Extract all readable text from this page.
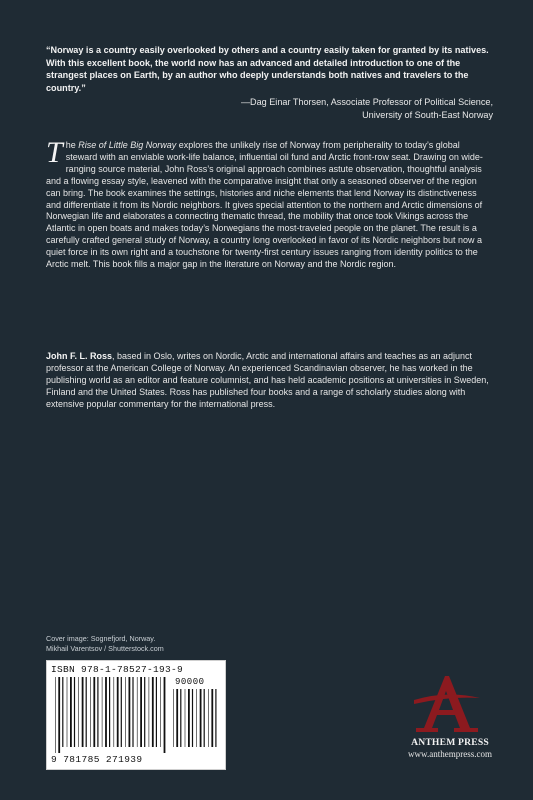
“Norway is a country easily overlooked by others and a country easily taken for granted by its natives. With this excellent book, the world now has an advanced and detailed introduction to one of the strangest places on Earth, by an author who deeply understands both natives and travelers to the country.”
—Dag Einar Thorsen, Associate Professor of Political Science,
University of South-East Norway
The Rise of Little Big Norway explores the unlikely rise of Norway from peripherality to today’s global steward with an enviable work-life balance, influential oil fund and Arctic front-row seat. Drawing on wide-ranging source material, John Ross’s original approach combines astute observation, thoughtful analysis and a flowing essay style, leavened with the comparative insight that only a seasoned observer of the region can bring. The book examines the settings, histories and niche elements that lend Norway its distinctiveness and differentiate it from its Nordic neighbors. It gives special attention to the northern and Arctic dimensions of Norwegian life and elaborates a connecting thematic thread, the mobility that once took Vikings across the Atlantic in open boats and makes today’s Norwegians the most-traveled people on the planet. The result is a carefully crafted general study of Norway, a country long overlooked in favor of its Nordic neighbors but now a quiet force in its own right and a touchstone for twenty-first century issues ranging from identity politics to the Arctic melt. This book fills a major gap in the literature on Norway and the Nordic region.
John F. L. Ross, based in Oslo, writes on Nordic, Arctic and international affairs and teaches as an adjunct professor at the American College of Norway. An experienced Scandinavian observer, he has worked in the publishing world as an editor and feature columnist, and has held academic positions at universities in Sweden, Finland and the United States. Ross has published four books and a range of scholarly studies along with extensive popular commentary for the international press.
Cover image: Sognefjord, Norway.
Mikhail Varentsov / Shutterstock.com
ISBN 978-1-78527-193-9
90000
9 781785 271939
ANTHEM PRESS
www.anthempress.com
